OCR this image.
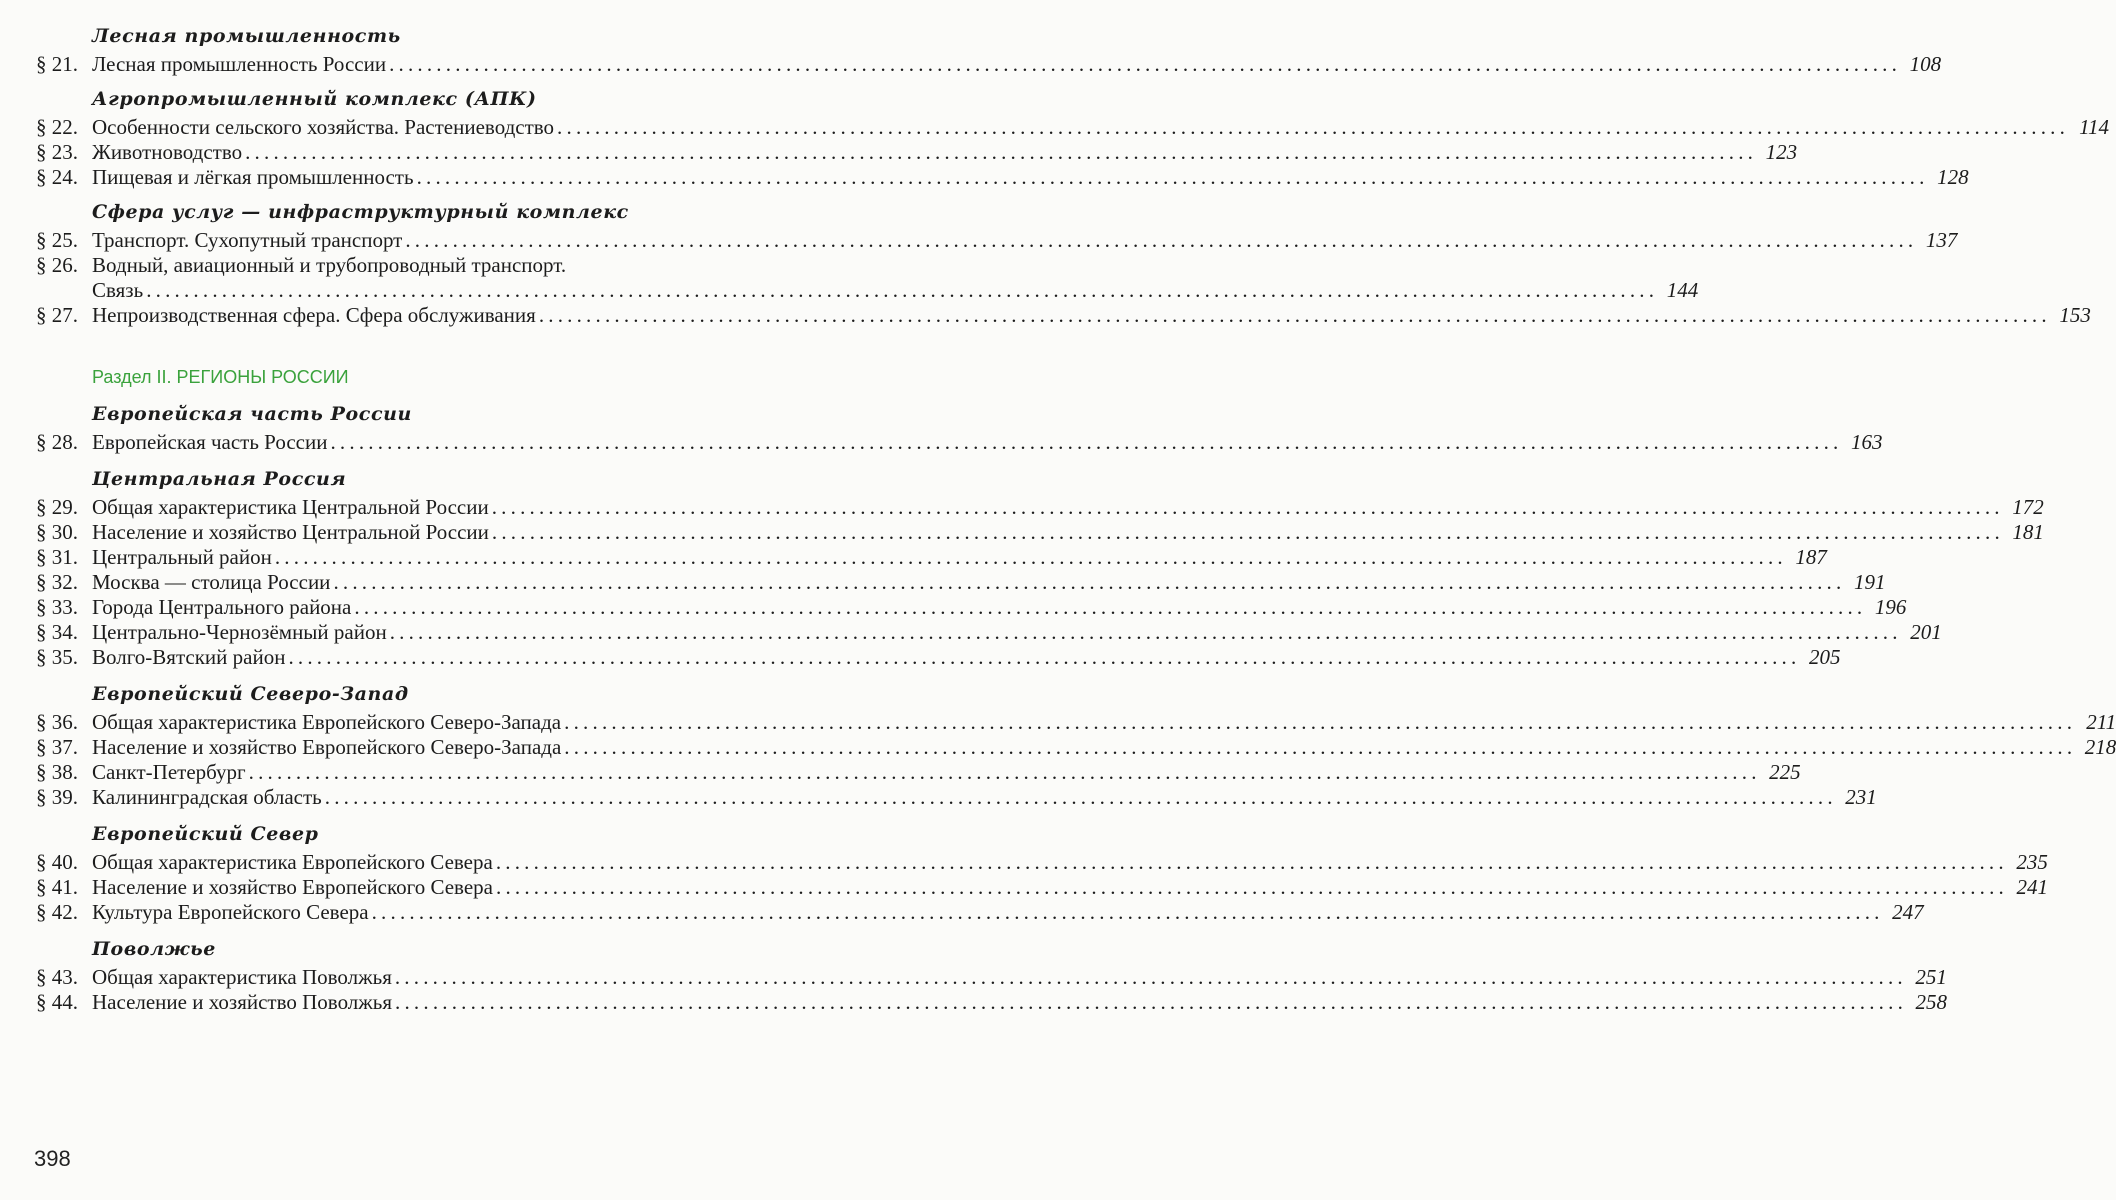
Лесная промышленность
§ 21. Лесная промышленность России ................................................................................................................................................................ 108
Агропромышленный комплекс (АПК)
§ 22. Особенности сельского хозяйства. Растениеводство ................................................................................................................................................................ 114
§ 23. Животноводство ................................................................................................................................................................ 123
§ 24. Пищевая и лёгкая промышленность ................................................................................................................................................................ 128
Сфера услуг — инфраструктурный комплекс
§ 25. Транспорт. Сухопутный транспорт ................................................................................................................................................................ 137
§ 26. Водный, авиационный и трубопроводный транспорт.
Связь ................................................................................................................................................................ 144
§ 27. Непроизводственная сфера. Сфера обслуживания ................................................................................................................................................................ 153
Раздел II. РЕГИОНЫ РОССИИ
Европейская часть России
§ 28. Европейская часть России ................................................................................................................................................................ 163
Центральная Россия
§ 29. Общая характеристика Центральной России ................................................................................................................................................................ 172
§ 30. Население и хозяйство Центральной России ................................................................................................................................................................ 181
§ 31. Центральный район ................................................................................................................................................................ 187
§ 32. Москва — столица России ................................................................................................................................................................ 191
§ 33. Города Центрального района ................................................................................................................................................................ 196
§ 34. Центрально-Чернозёмный район ................................................................................................................................................................ 201
§ 35. Волго-Вятский район ................................................................................................................................................................ 205
Европейский Северо-Запад
§ 36. Общая характеристика Европейского Северо-Запада ................................................................................................................................................................ 211
§ 37. Население и хозяйство Европейского Северо-Запада ................................................................................................................................................................ 218
§ 38. Санкт-Петербург ................................................................................................................................................................ 225
§ 39. Калининградская область ................................................................................................................................................................ 231
Европейский Север
§ 40. Общая характеристика Европейского Севера ................................................................................................................................................................ 235
§ 41. Население и хозяйство Европейского Севера ................................................................................................................................................................ 241
§ 42. Культура Европейского Севера ................................................................................................................................................................ 247
Поволжье
§ 43. Общая характеристика Поволжья ................................................................................................................................................................ 251
§ 44. Население и хозяйство Поволжья ................................................................................................................................................................ 258
398
